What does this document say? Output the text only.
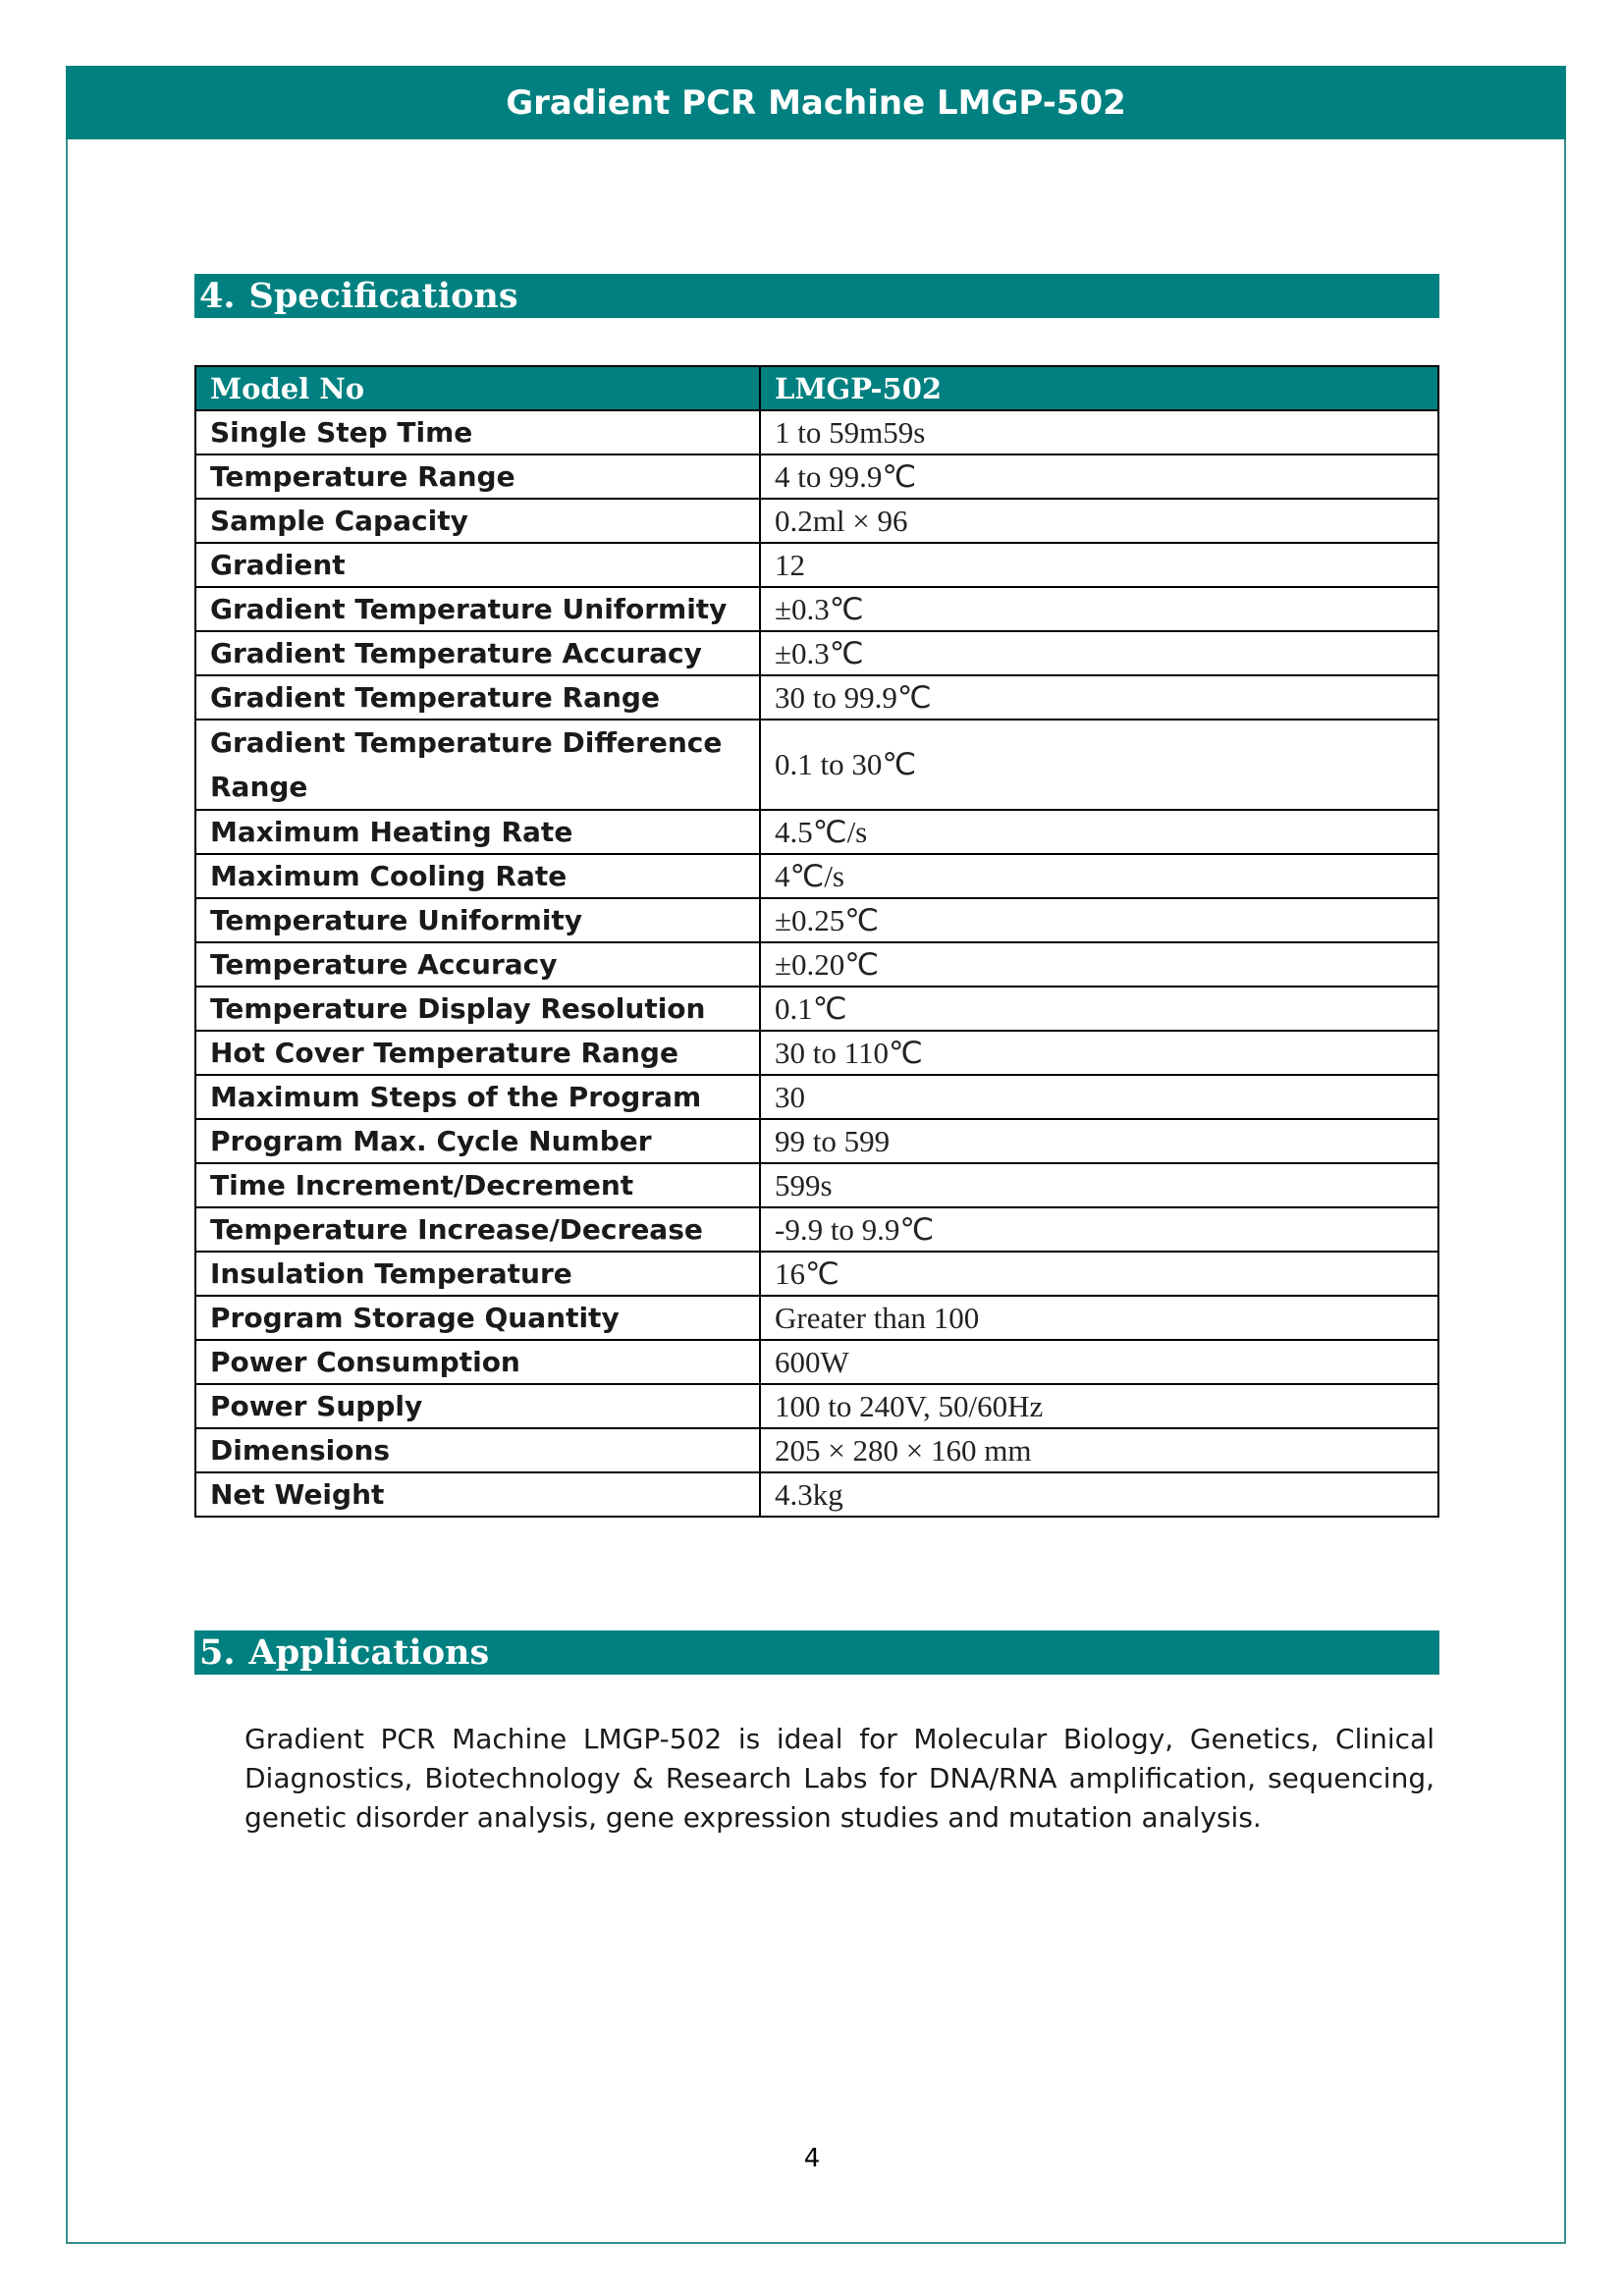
Gradient PCR Machine LMGP-502
4. Specifications
Model No	LMGP-502
Single Step Time	1 to 59m59s
Temperature Range	4 to 99.9℃
Sample Capacity	0.2ml × 96
Gradient	12
Gradient Temperature Uniformity	±0.3℃
Gradient Temperature Accuracy	±0.3℃
Gradient Temperature Range	30 to 99.9℃
Gradient Temperature Difference Range	0.1 to 30℃
Maximum Heating Rate	4.5℃/s
Maximum Cooling Rate	4℃/s
Temperature Uniformity	±0.25℃
Temperature Accuracy	±0.20℃
Temperature Display Resolution	0.1℃
Hot Cover Temperature Range	30 to 110℃
Maximum Steps of the Program	30
Program Max. Cycle Number	99 to 599
Time Increment/Decrement	599s
Temperature Increase/Decrease	-9.9 to 9.9℃
Insulation Temperature	16℃
Program Storage Quantity	Greater than 100
Power Consumption	600W
Power Supply	100 to 240V, 50/60Hz
Dimensions	205 × 280 × 160 mm
Net Weight	4.3kg
5. Applications
Gradient PCR Machine LMGP-502 is ideal for Molecular Biology, Genetics, Clinical Diagnostics, Biotechnology & Research Labs for DNA/RNA amplification, sequencing, genetic disorder analysis, gene expression studies and mutation analysis.
4
